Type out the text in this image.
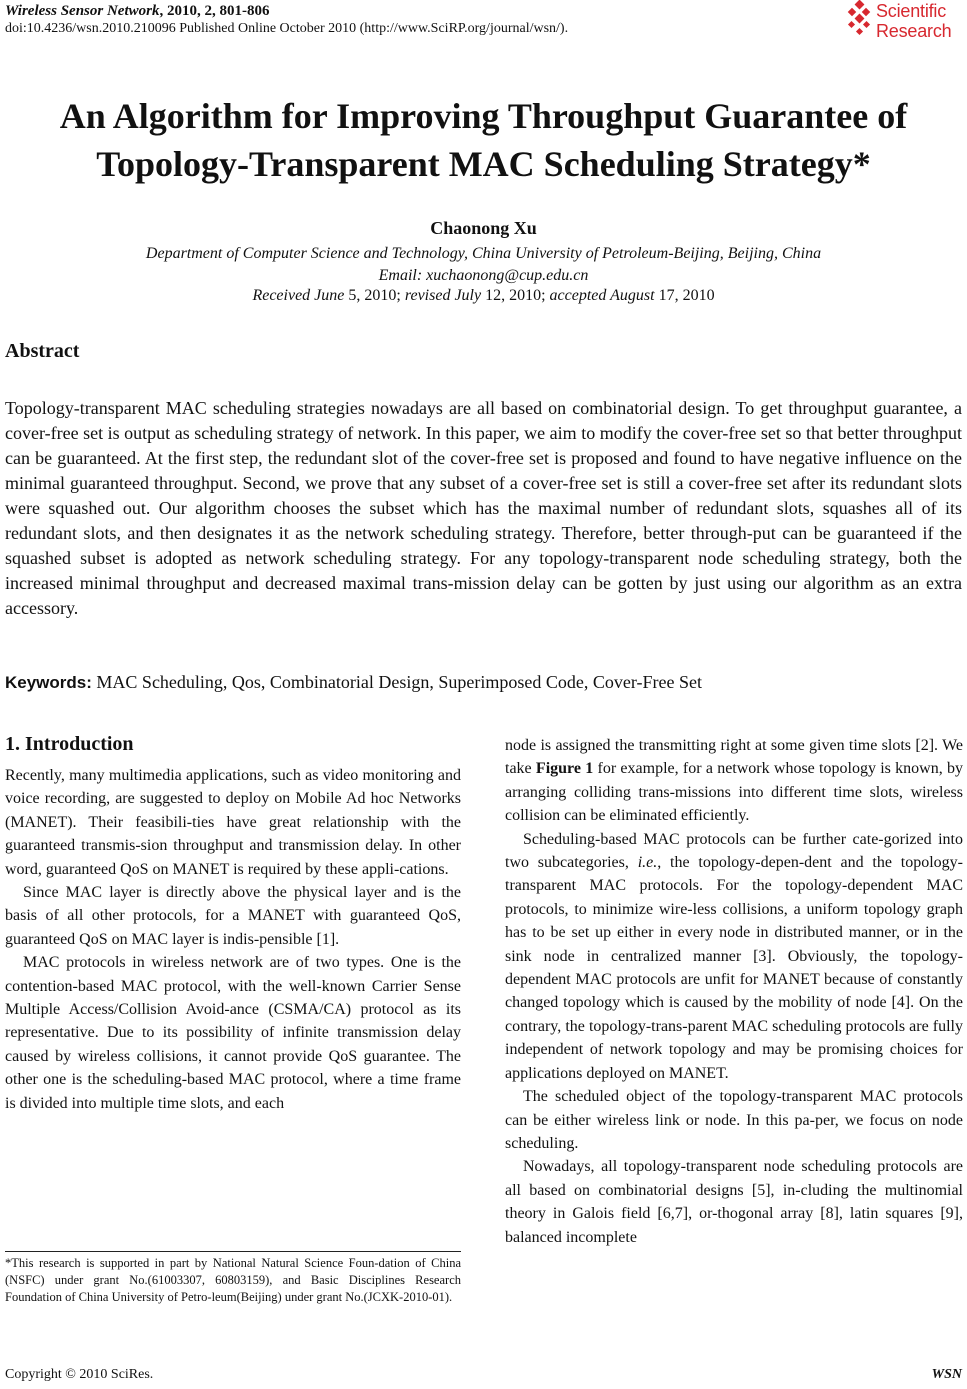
Wireless Sensor Network, 2010, 2, 801-806
doi:10.4236/wsn.2010.210096 Published Online October 2010 (http://www.SciRP.org/journal/wsn/).
Scientific
Research
An Algorithm for Improving Throughput Guarantee of
Topology-Transparent MAC Scheduling Strategy*
Chaonong Xu
Department of Computer Science and Technology, China University of Petroleum-Beijing, Beijing, China
Email: xuchaonong@cup.edu.cn
Received June 5, 2010; revised July 12, 2010; accepted August 17, 2010
Abstract
Topology-transparent MAC scheduling strategies nowadays are all based on combinatorial design. To get throughput guarantee, a cover-free set is output as scheduling strategy of network. In this paper, we aim to modify the cover-free set so that better throughput can be guaranteed. At the first step, the redundant slot of the cover-free set is proposed and found to have negative influence on the minimal guaranteed throughput. Second, we prove that any subset of a cover-free set is still a cover-free set after its redundant slots were squashed out. Our algorithm chooses the subset which has the maximal number of redundant slots, squashes all of its redundant slots, and then designates it as the network scheduling strategy. Therefore, better through-put can be guaranteed if the squashed subset is adopted as network scheduling strategy. For any topology-transparent node scheduling strategy, both the increased minimal throughput and decreased maximal trans-mission delay can be gotten by just using our algorithm as an extra accessory.
Keywords: MAC Scheduling, Qos, Combinatorial Design, Superimposed Code, Cover-Free Set
1. Introduction

Recently, many multimedia applications, such as video monitoring and voice recording, are suggested to deploy on Mobile Ad hoc Networks (MANET). Their feasibili-ties have great relationship with the guaranteed transmis-sion throughput and transmission delay. In other word, guaranteed QoS on MANET is required by these appli-cations.

Since MAC layer is directly above the physical layer and is the basis of all other protocols, for a MANET with guaranteed QoS, guaranteed QoS on MAC layer is indis-pensible [1].

MAC protocols in wireless network are of two types. One is the contention-based MAC protocol, with the well-known Carrier Sense Multiple Access/Collision Avoid-ance (CSMA/CA) protocol as its representative. Due to its possibility of infinite transmission delay caused by wireless collisions, it cannot provide QoS guarantee. The other one is the scheduling-based MAC protocol, where a time frame is divided into multiple time slots, and each

*This research is supported in part by National Natural Science Foun-dation of China (NSFC) under grant No.(61003307, 60803159), and Basic Disciplines Research Foundation of China University of Petro-leum(Beijing) under grant No.(JCXK-2010-01).

node is assigned the transmitting right at some given time slots [2]. We take Figure 1 for example, for a network whose topology is known, by arranging colliding trans-missions into different time slots, wireless collision can be eliminated efficiently.

Scheduling-based MAC protocols can be further cate-gorized into two subcategories, i.e., the topology-depen-dent and the topology-transparent MAC protocols. For the topology-dependent MAC protocols, to minimize wire-less collisions, a uniform topology graph has to be set up either in every node in distributed manner, or in the sink node in centralized manner [3]. Obviously, the topology-dependent MAC protocols are unfit for MANET because of constantly changed topology which is caused by the mobility of node [4]. On the contrary, the topology-trans-parent MAC scheduling protocols are fully independent of network topology and may be promising choices for applications deployed on MANET.

The scheduled object of the topology-transparent MAC protocols can be either wireless link or node. In this pa-per, we focus on node scheduling.

Nowadays, all topology-transparent node scheduling protocols are all based on combinatorial designs [5], in-cluding the multinomial theory in Galois field [6,7], or-thogonal array [8], latin squares [9], balanced incomplete

Copyright © 2010 SciRes.	WSN
